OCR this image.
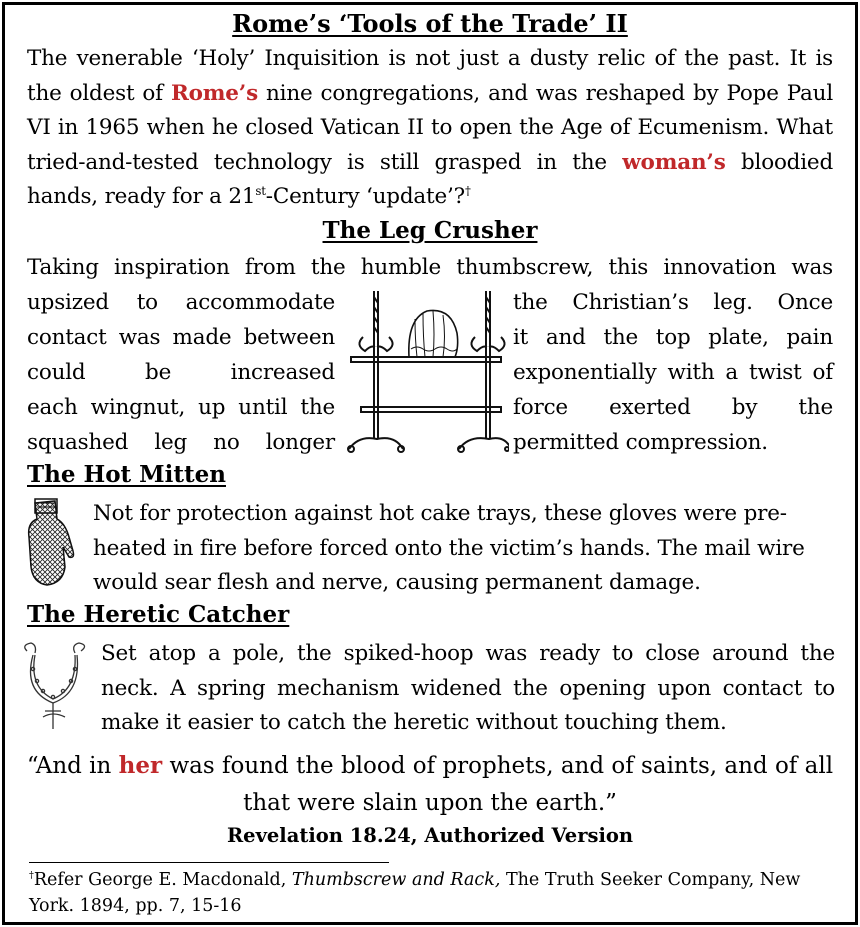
Rome’s ‘Tools of the Trade’ II

The venerable ‘Holy’ Inquisition is not just a dusty relic of the past. It is the oldest of Rome’s nine congregations, and was reshaped by Pope Paul VI in 1965 when he closed Vatican II to open the Age of Ecumenism. What tried-and-tested technology is still grasped in the woman’s bloodied hands, ready for a 21st-Century ‘update’?†

The Leg Crusher

Taking inspiration from the humble thumbscrew, this innovation was

upsized to accommodate
contact was made between
could be increased
each wingnut, up until the
squashed leg no longer
the Christian’s leg. Once
it and the top plate, pain
exponentially with a twist of
force exerted by the
permitted compression.
The Hot Mitten

Not for protection against hot cake trays, these gloves were pre-heated in fire before forced onto the victim’s hands. The mail wire would sear flesh and nerve, causing permanent damage.

The Heretic Catcher

Set atop a pole, the spiked-hoop was ready to close around the neck. A spring mechanism widened the opening upon contact to make it easier to catch the heretic without touching them.

“And in her was found the blood of prophets, and of saints, and of all that were slain upon the earth.”
Revelation 18.24, Authorized Version
†Refer George E. Macdonald, Thumbscrew and Rack, The Truth Seeker Company, New York. 1894, pp. 7, 15-16
